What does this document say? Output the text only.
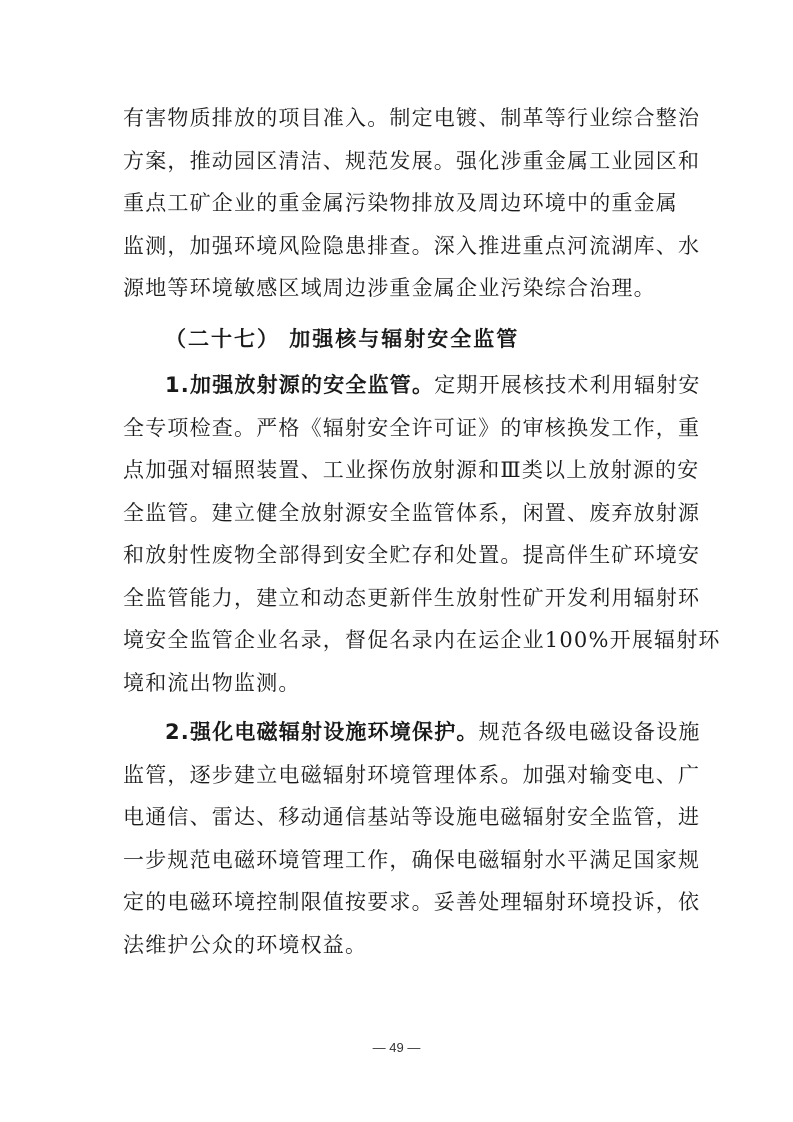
有害物质排放的项目准入。制定电镀、制革等行业综合整治
方案，推动园区清洁、规范发展。强化涉重金属工业园区和
重点工矿企业的重金属污染物排放及周边环境中的重金属
监测，加强环境风险隐患排查。深入推进重点河流湖库、水
源地等环境敏感区域周边涉重金属企业污染综合治理。
（二十七） 加强核与辐射安全监管
1.加强放射源的安全监管。定期开展核技术利用辐射安
全专项检查。严格《辐射安全许可证》的审核换发工作，重
点加强对辐照装置、工业探伤放射源和Ⅲ类以上放射源的安
全监管。建立健全放射源安全监管体系，闲置、废弃放射源
和放射性废物全部得到安全贮存和处置。提高伴生矿环境安
全监管能力，建立和动态更新伴生放射性矿开发利用辐射环
境安全监管企业名录，督促名录内在运企业100%开展辐射环
境和流出物监测。
2.强化电磁辐射设施环境保护。规范各级电磁设备设施
监管，逐步建立电磁辐射环境管理体系。加强对输变电、广
电通信、雷达、移动通信基站等设施电磁辐射安全监管，进
一步规范电磁环境管理工作，确保电磁辐射水平满足国家规
定的电磁环境控制限值按要求。妥善处理辐射环境投诉，依
法维护公众的环境权益。
— 49 —
